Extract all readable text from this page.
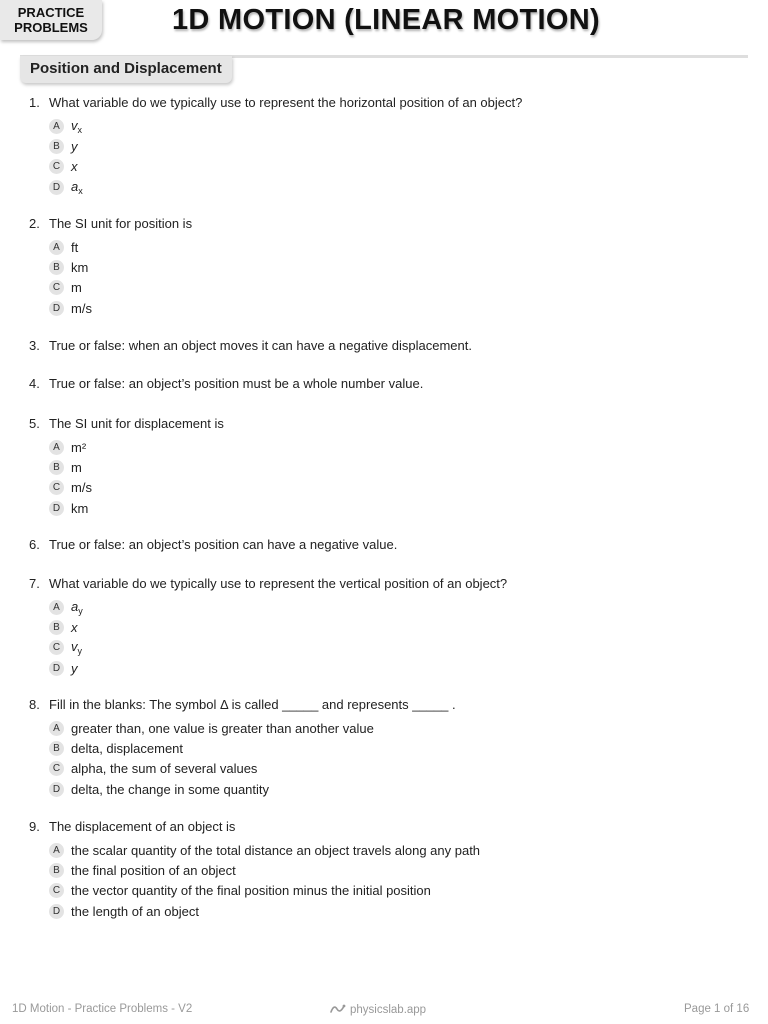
PRACTICE
PROBLEMS	1D MOTION (LINEAR MOTION)
Position and Displacement
1. What variable do we typically use to represent the horizontal position of an object?
A $v_x$
B y
C x
D $a_x$
2. The SI unit for position is
A ft
B km
C m
D m/s
3. True or false: when an object moves it can have a negative displacement.
4. True or false: an object’s position must be a whole number value.
5. The SI unit for displacement is
A m²
B m
C m/s
D km
6. True or false: an object’s position can have a negative value.
7. What variable do we typically use to represent the vertical position of an object?
A $a_y$
B x
C $v_y$
D y
8. Fill in the blanks: The symbol Δ is called _____ and represents _____ .
A greater than, one value is greater than another value
B delta, displacement
C alpha, the sum of several values
D delta, the change in some quantity
9. The displacement of an object is
A the scalar quantity of the total distance an object travels along any path
B the final position of an object
C the vector quantity of the final position minus the initial position
D the length of an object
1D Motion - Practice Problems - V2	physicslab.app	Page 1 of 16
